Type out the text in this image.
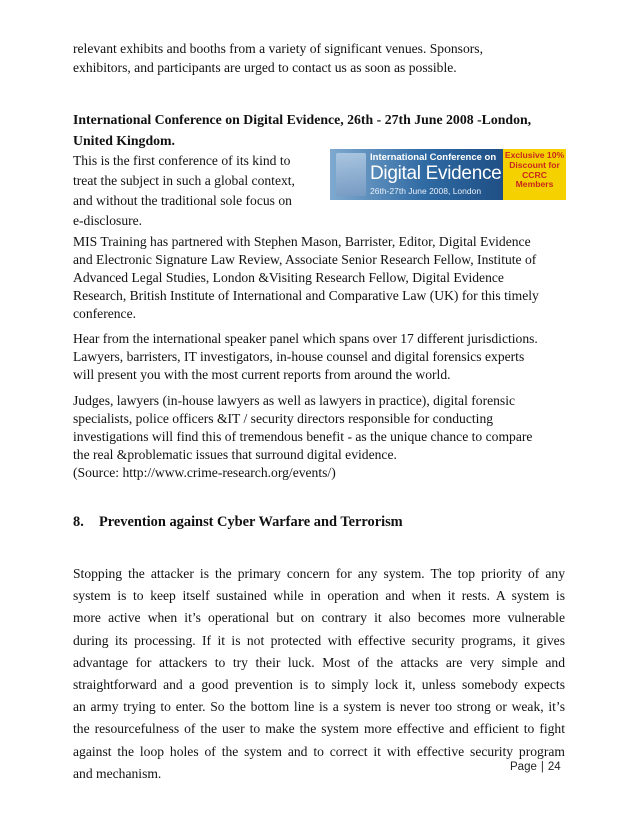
relevant exhibits and booths from a variety of significant venues. Sponsors,
exhibitors, and participants are urged to contact us as soon as possible.

International Conference on Digital Evidence, 26th - 27th June 2008 -London,
United Kingdom.

This is the first conference of its kind to
treat the subject in such a global context,
and without the traditional sole focus on
e-disclosure.

International Conference on
Digital Evidence
26th-27th June 2008, London
Exclusive 10%
Discount for
CCRC
Members

MIS Training has partnered with Stephen Mason, Barrister, Editor, Digital Evidence
and Electronic Signature Law Review, Associate Senior Research Fellow, Institute of
Advanced Legal Studies, London &Visiting Research Fellow, Digital Evidence
Research, British Institute of International and Comparative Law (UK) for this timely
conference.

Hear from the international speaker panel which spans over 17 different jurisdictions.
Lawyers, barristers, IT investigators, in-house counsel and digital forensics experts
will present you with the most current reports from around the world.

Judges, lawyers (in-house lawyers as well as lawyers in practice), digital forensic
specialists, police officers &IT / security directors responsible for conducting
investigations will find this of tremendous benefit - as the unique chance to compare
the real &problematic issues that surround digital evidence.
(Source: http://www.crime-research.org/events/)

8. Prevention against Cyber Warfare and Terrorism

Stopping the attacker is the primary concern for any system. The top priority of any
system is to keep itself sustained while in operation and when it rests. A system is
more active when it’s operational but on contrary it also becomes more vulnerable
during its processing. If it is not protected with effective security programs, it gives
advantage for attackers to try their luck. Most of the attacks are very simple and
straightforward and a good prevention is to simply lock it, unless somebody expects
an army trying to enter. So the bottom line is a system is never too strong or weak, it’s
the resourcefulness of the user to make the system more effective and efficient to fight
against the loop holes of the system and to correct it with effective security program
and mechanism.	Page | 24
